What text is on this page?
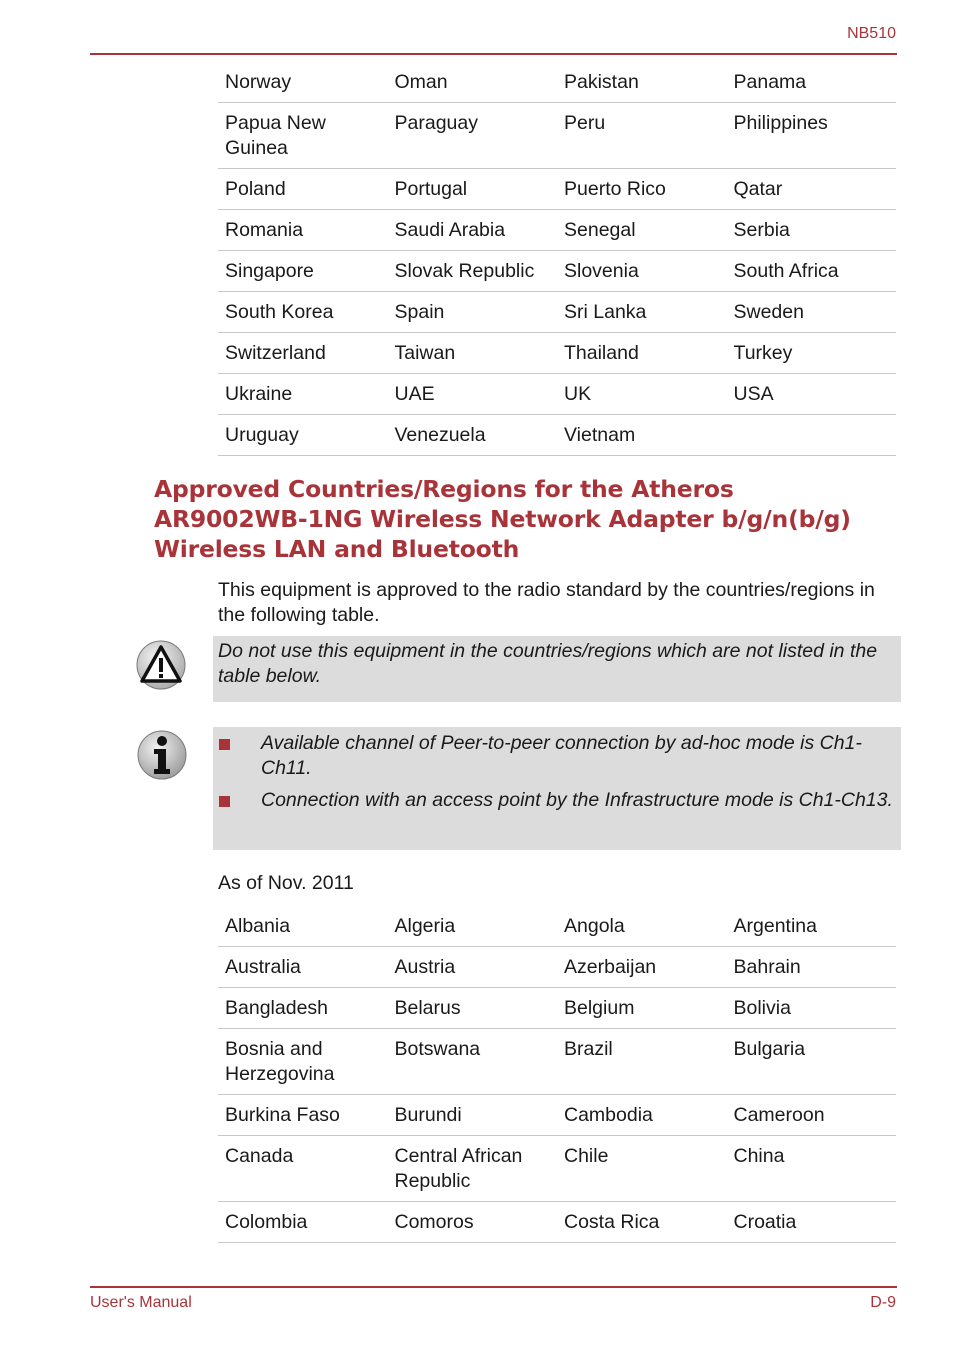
NB510
Norway	Oman	Pakistan	Panama
Papua New Guinea	Paraguay	Peru	Philippines
Poland	Portugal	Puerto Rico	Qatar
Romania	Saudi Arabia	Senegal	Serbia
Singapore	Slovak Republic	Slovenia	South Africa
South Korea	Spain	Sri Lanka	Sweden
Switzerland	Taiwan	Thailand	Turkey
Ukraine	UAE	UK	USA
Uruguay	Venezuela	Vietnam	
Approved Countries/Regions for the Atheros
AR9002WB-1NG Wireless Network Adapter b/g/n(b/g)
Wireless LAN and Bluetooth
This equipment is approved to the radio standard by the countries/regions in the following table.
Do not use this equipment in the countries/regions which are not listed in the table below.
Available channel of Peer-to-peer connection by ad-hoc mode is Ch1-Ch11.
Connection with an access point by the Infrastructure mode is Ch1-Ch13.
As of Nov. 2011
Albania	Algeria	Angola	Argentina
Australia	Austria	Azerbaijan	Bahrain
Bangladesh	Belarus	Belgium	Bolivia
Bosnia and Herzegovina	Botswana	Brazil	Bulgaria
Burkina Faso	Burundi	Cambodia	Cameroon
Canada	Central African Republic	Chile	China
Colombia	Comoros	Costa Rica	Croatia
User's Manual	D-9
